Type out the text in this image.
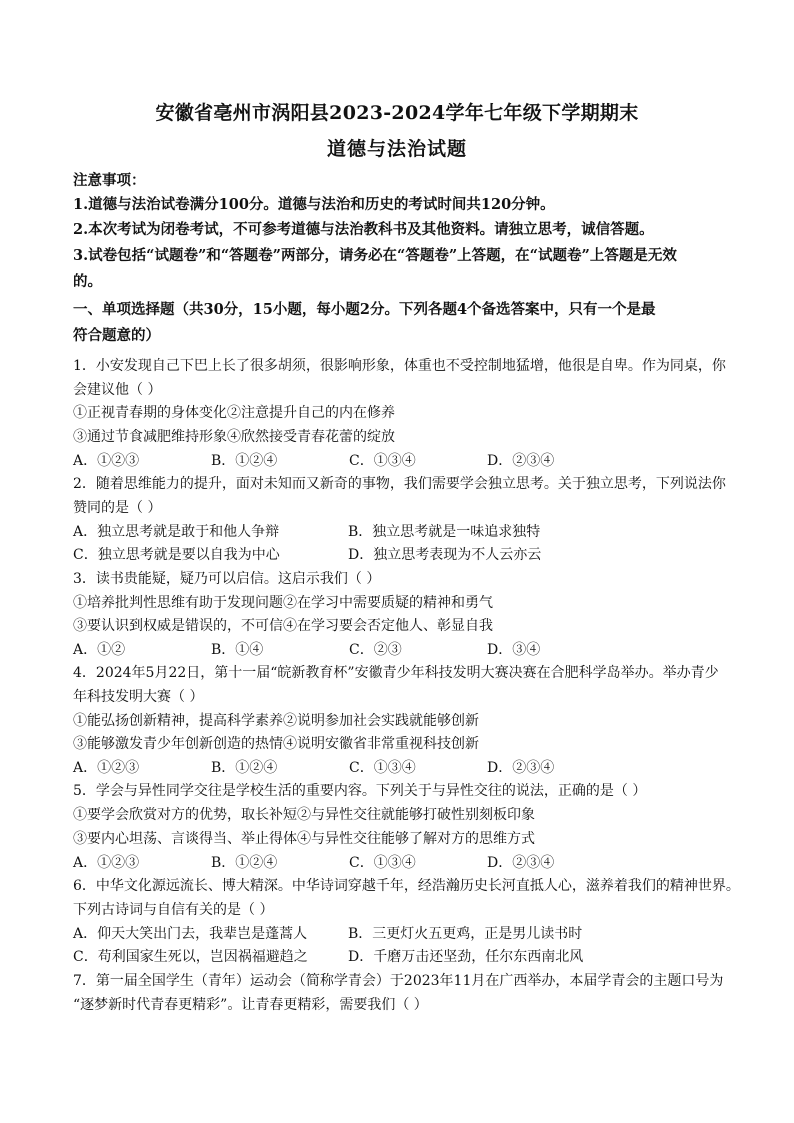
安徽省亳州市涡阳县2023-2024学年七年级下学期期末
道德与法治试题
注意事项：
1.道德与法治试卷满分100分。道德与法治和历史的考试时间共120分钟。
2.本次考试为闭卷考试，不可参考道德与法治教科书及其他资料。请独立思考，诚信答题。
3.试卷包括“试题卷”和“答题卷”两部分，请务必在“答题卷”上答题，在“试题卷”上答题是无效
的。
一、单项选择题（共30分，15小题，每小题2分。下列各题4个备选答案中，只有一个是最
符合题意的）
1．小安发现自己下巴上长了很多胡须，很影响形象，体重也不受控制地猛增，他很是自卑。作为同桌，你
会建议他（ ）
①正视青春期的身体变化②注意提升自己的内在修养
③通过节食减肥维持形象④欣然接受青春花蕾的绽放
A．①②③	B．①②④	C．①③④	D．②③④
2．随着思维能力的提升，面对未知而又新奇的事物，我们需要学会独立思考。关于独立思考，下列说法你
赞同的是（ ）
A．独立思考就是敢于和他人争辩	B．独立思考就是一味追求独特
C．独立思考就是要以自我为中心	D．独立思考表现为不人云亦云
3．读书贵能疑，疑乃可以启信。这启示我们（ ）
①培养批判性思维有助于发现问题②在学习中需要质疑的精神和勇气
③要认识到权威是错误的，不可信④在学习要会否定他人、彰显自我
A．①②	B．①④	C．②③	D．③④
4．2024年5月22日，第十一届“皖新教育杯”安徽青少年科技发明大赛决赛在合肥科学岛举办。举办青少
年科技发明大赛（ ）
①能弘扬创新精神，提高科学素养②说明参加社会实践就能够创新
③能够激发青少年创新创造的热情④说明安徽省非常重视科技创新
A．①②③	B．①②④	C．①③④	D．②③④
5．学会与异性同学交往是学校生活的重要内容。下列关于与异性交往的说法，正确的是（ ）
①要学会欣赏对方的优势，取长补短②与异性交往就能够打破性别刻板印象
③要内心坦荡、言谈得当、举止得体④与异性交往能够了解对方的思维方式
A．①②③	B．①②④	C．①③④	D．②③④
6．中华文化源远流长、博大精深。中华诗词穿越千年，经浩瀚历史长河直抵人心，滋养着我们的精神世界。
下列古诗词与自信有关的是（ ）
A．仰天大笑出门去，我辈岂是蓬蒿人	B．三更灯火五更鸡，正是男儿读书时
C．苟利国家生死以，岂因祸福避趋之	D．千磨万击还坚劲，任尔东西南北风
7．第一届全国学生（青年）运动会（简称学青会）于2023年11月在广西举办，本届学青会的主题口号为
“逐梦新时代青春更精彩”。让青春更精彩，需要我们（ ）
